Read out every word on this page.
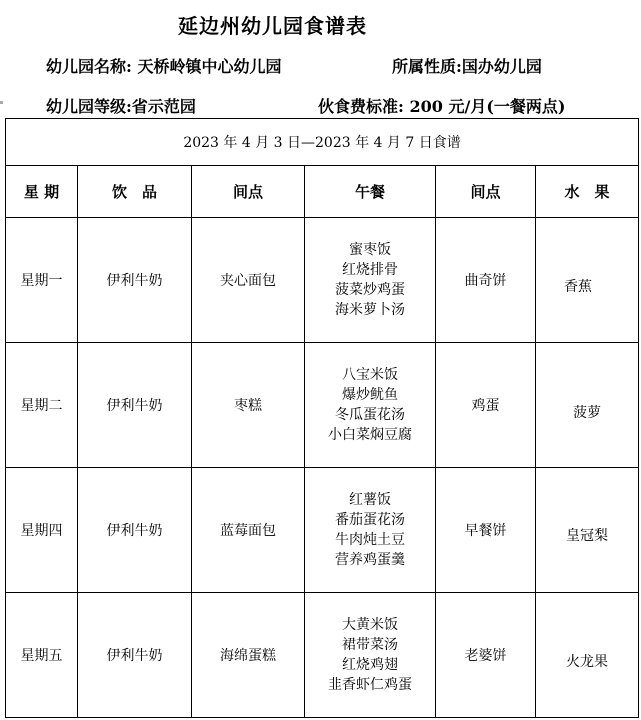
延边州幼儿园食谱表
幼儿园名称: 天桥岭镇中心幼儿园	所属性质:国办幼儿园
幼儿园等级:省示范园	伙食费标准: 200 元/月(一餐两点)
2023 年 4 月 3 日—2023 年 4 月 7 日食谱					
星 期	饮　品	间点	午餐	间点	水　果
星期一	伊利牛奶	夹心面包	蜜枣饭
红烧排骨
菠菜炒鸡蛋
海米萝卜汤	曲奇饼	香蕉
星期二	伊利牛奶	枣糕	八宝米饭
爆炒鱿鱼
冬瓜蛋花汤
小白菜焖豆腐	鸡蛋	菠萝
星期四	伊利牛奶	蓝莓面包	红薯饭
番茄蛋花汤
牛肉炖土豆
营养鸡蛋羹	早餐饼	皇冠梨
星期五	伊利牛奶	海绵蛋糕	大黄米饭
裙带菜汤
红烧鸡翅
韭香虾仁鸡蛋	老婆饼	火龙果
